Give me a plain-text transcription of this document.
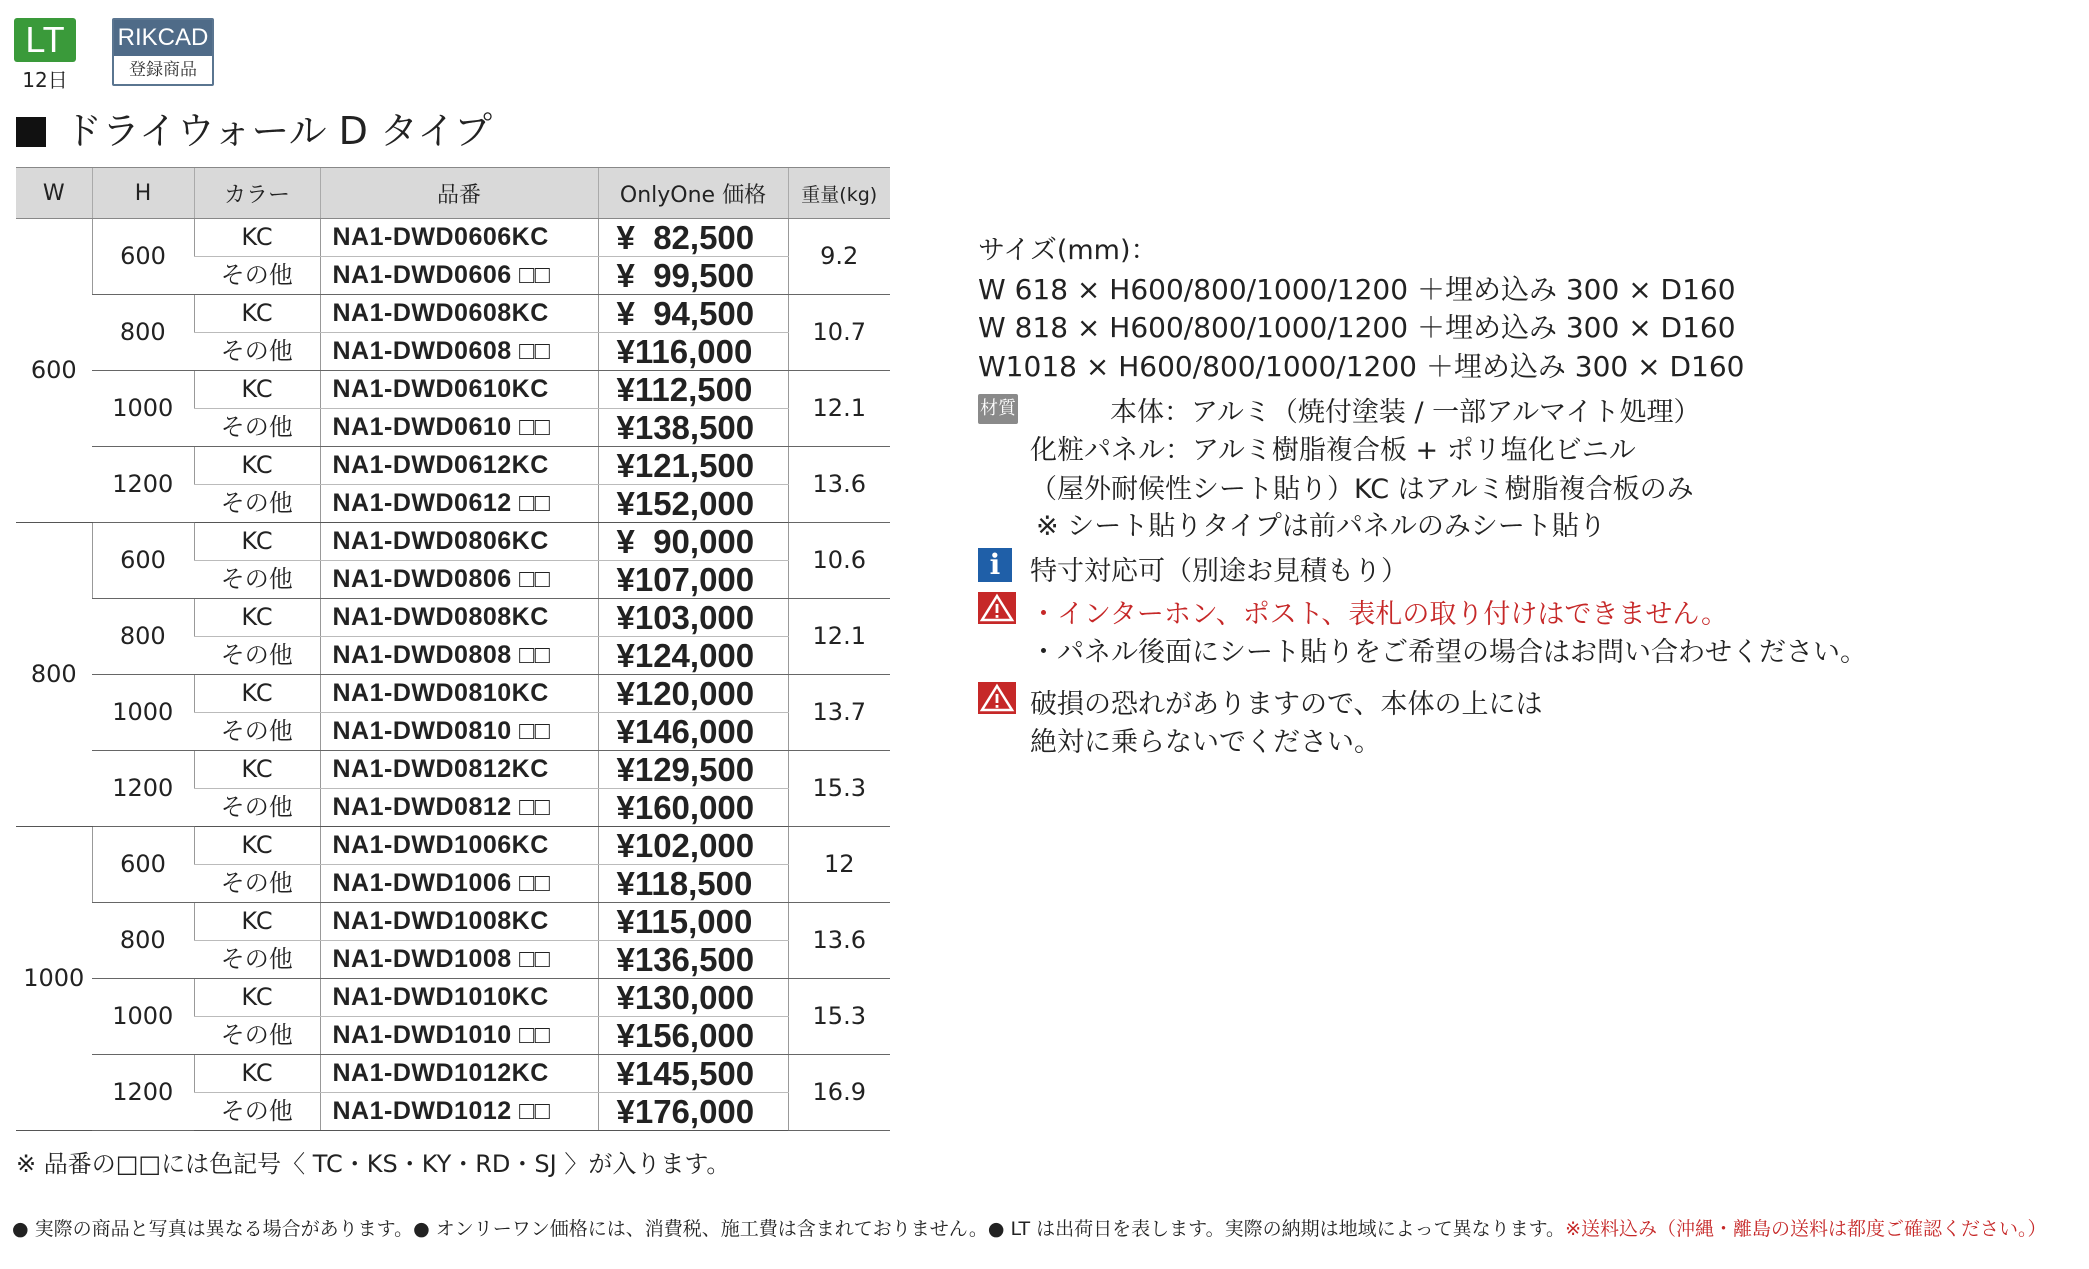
LT
12日
RIKCAD
登録商品
ドライウォール D タイプ
W	H	カラー	品番	OnlyOne 価格	重量(kg)
600	600	KC	NA1-DWD0606KC	¥  82,500	9.2
		その他	NA1-DWD0606 □□	¥  99,500	
	800	KC	NA1-DWD0608KC	¥  94,500	10.7
		その他	NA1-DWD0608 □□	¥116,000	
	1000	KC	NA1-DWD0610KC	¥112,500	12.1
		その他	NA1-DWD0610 □□	¥138,500	
	1200	KC	NA1-DWD0612KC	¥121,500	13.6
		その他	NA1-DWD0612 □□	¥152,000	
800	600	KC	NA1-DWD0806KC	¥  90,000	10.6
		その他	NA1-DWD0806 □□	¥107,000	
	800	KC	NA1-DWD0808KC	¥103,000	12.1
		その他	NA1-DWD0808 □□	¥124,000	
	1000	KC	NA1-DWD0810KC	¥120,000	13.7
		その他	NA1-DWD0810 □□	¥146,000	
	1200	KC	NA1-DWD0812KC	¥129,500	15.3
		その他	NA1-DWD0812 □□	¥160,000	
1000	600	KC	NA1-DWD1006KC	¥102,000	12
		その他	NA1-DWD1006 □□	¥118,500	
	800	KC	NA1-DWD1008KC	¥115,000	13.6
		その他	NA1-DWD1008 □□	¥136,500	
	1000	KC	NA1-DWD1010KC	¥130,000	15.3
		その他	NA1-DWD1010 □□	¥156,000	
	1200	KC	NA1-DWD1012KC	¥145,500	16.9
		その他	NA1-DWD1012 □□	¥176,000	
※ 品番の□□には色記号〈 TC・KS・KY・RD・SJ 〉が入ります。
サイズ(mm)：
W 618 × H600/800/1000/1200 ＋埋め込み 300 × D160
W 818 × H600/800/1000/1200 ＋埋め込み 300 × D160
W1018 × H600/800/1000/1200 ＋埋め込み 300 × D160
材質	本体：アルミ（焼付塗装 / 一部アルマイト処理）
化粧パネル：アルミ樹脂複合板 + ポリ塩化ビニル
（屋外耐候性シート貼り）KC はアルミ樹脂複合板のみ
※ シート貼りタイプは前パネルのみシート貼り
i	特寸対応可（別途お見積もり）
・インターホン、ポスト、表札の取り付けはできません。
・パネル後面にシート貼りをご希望の場合はお問い合わせください。
破損の恐れがありますので、本体の上には
絶対に乗らないでください。
● 実際の商品と写真は異なる場合があります。● オンリーワン価格には、消費税、施工費は含まれておりません。● LT は出荷日を表します。実際の納期は地域によって異なります。※送料込み（沖縄・離島の送料は都度ご確認ください。）
